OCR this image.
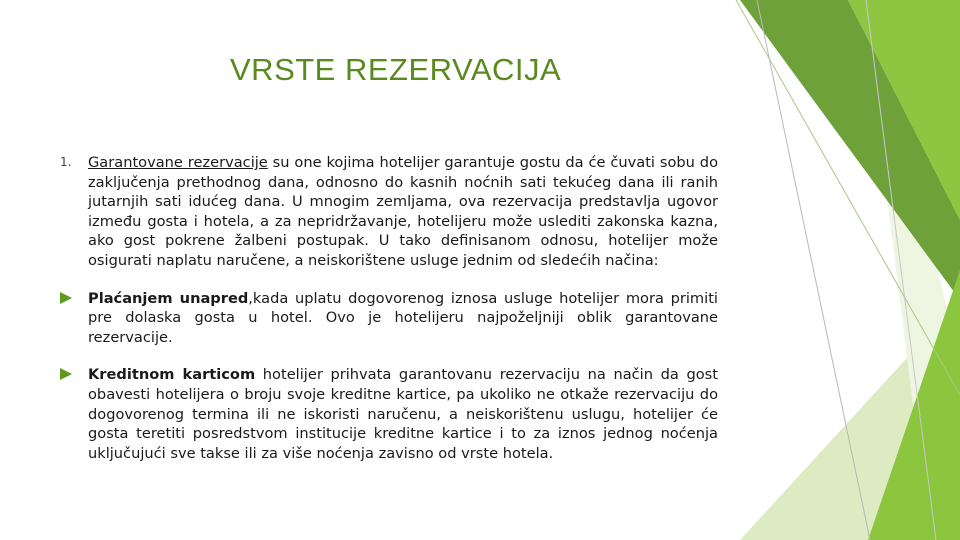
VRSTE REZERVACIJA
1. Garantovane rezervacije su one kojima hotelijer garantuje gostu da će čuvati sobu do zaključenja prethodnog dana, odnosno do kasnih noćnih sati tekućeg dana ili ranih jutarnjih sati idućeg dana. U mnogim zemljama, ova rezervacija predstavlja ugovor između gosta i hotela, a za nepridržavanje, hotelijeru može uslediti zakonska kazna, ako gost pokrene žalbeni postupak. U tako definisanom odnosu, hotelijer može osigurati naplatu naručene, a neiskorištene usluge jednim od sledećih načina:

Plaćanjem unapred,kada uplatu dogovorenog iznosa usluge hotelijer mora primiti pre dolaska gosta u hotel. Ovo je hotelijeru najpoželjniji oblik garantovane rezervacije.

Kreditnom karticom hotelijer prihvata garantovanu rezervaciju na način da gost obavesti hotelijera o broju svoje kreditne kartice, pa ukoliko ne otkaže rezervaciju do dogovorenog termina ili ne iskoristi naručenu, a neiskorištenu uslugu, hotelijer će gosta teretiti posredstvom institucije kreditne kartice i to za iznos jednog noćenja uključujući sve takse ili za više noćenja zavisno od vrste hotela.
